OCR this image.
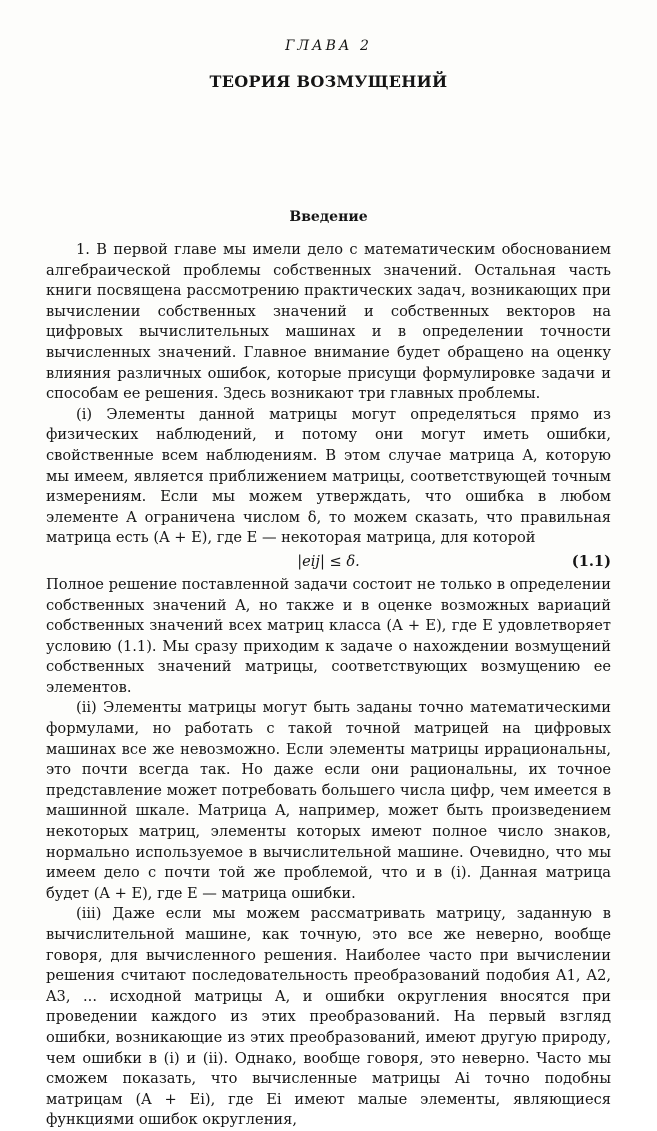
ГЛАВА 2

ТЕОРИЯ ВОЗМУЩЕНИЙ

Введение

1. В первой главе мы имели дело с математическим обоснованием алгебраической проблемы собственных значений. Остальная часть книги посвящена рассмотрению практических задач, возникающих при вычислении собственных значений и собственных векторов на цифровых вычислительных машинах и в определении точности вычисленных значений. Главное внимание будет обращено на оценку влияния различных ошибок, которые присущи формулировке задачи и способам ее решения. Здесь возникают три главных проблемы.

(i) Элементы данной матрицы могут определяться прямо из физических наблюдений, и потому они могут иметь ошибки, свойственные всем наблюдениям. В этом случае матрица A, которую мы имеем, является приближением матрицы, соответствующей точным измерениям. Если мы можем утверждать, что ошибка в любом элементе A ограничена числом δ, то можем сказать, что правильная матрица есть (A + E), где E — некоторая матрица, для которой

|eij| ≤ δ.	(1.1)

Полное решение поставленной задачи состоит не только в определении собственных значений A, но также и в оценке возможных вариаций собственных значений всех матриц класса (A + E), где E удовлетворяет условию (1.1). Мы сразу приходим к задаче о нахождении возмущений собственных значений матрицы, соответствующих возмущению ее элементов.

(ii) Элементы матрицы могут быть заданы точно математическими формулами, но работать с такой точной матрицей на цифровых машинах все же невозможно. Если элементы матрицы иррациональны, это почти всегда так. Но даже если они рациональны, их точное представление может потребовать большего числа цифр, чем имеется в машинной шкале. Матрица A, например, может быть произведением некоторых матриц, элементы которых имеют полное число знаков, нормально используемое в вычислительной машине. Очевидно, что мы имеем дело с почти той же проблемой, что и в (i). Данная матрица будет (A + E), где E — матрица ошибки.

(iii) Даже если мы можем рассматривать матрицу, заданную в вычислительной машине, как точную, это все же неверно, вообще говоря, для вычисленного решения. Наиболее часто при вычислении решения считают последовательность преобразований подобия A1, A2, A3, ... исходной матрицы A, и ошибки округления вносятся при проведении каждого из этих преобразований. На первый взгляд ошибки, возникающие из этих преобразований, имеют другую природу, чем ошибки в (i) и (ii). Однако, вообще говоря, это неверно. Часто мы сможем показать, что вычисленные матрицы Ai точно подобны матрицам (A + Ei), где Ei имеют малые элементы, являющиеся функциями ошибок округления,
